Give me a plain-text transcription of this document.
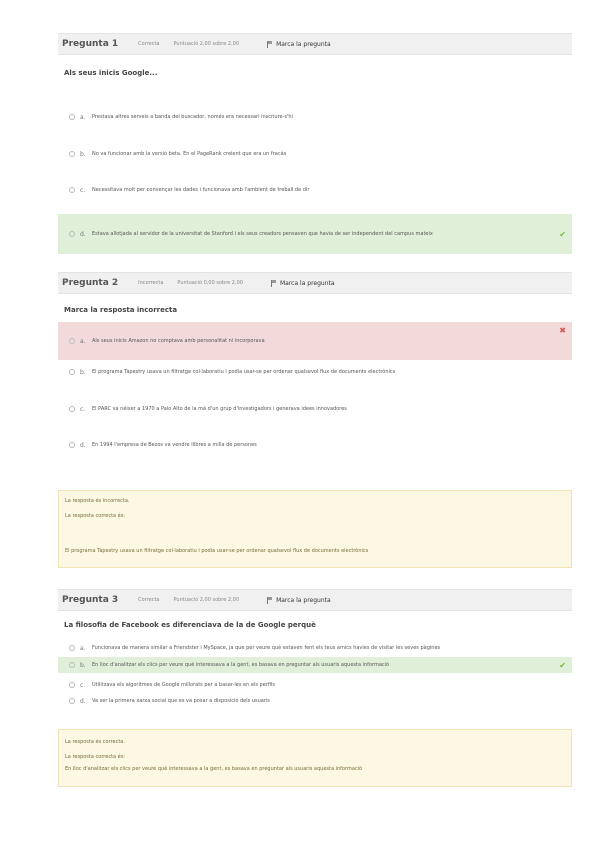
Pregunta 1	Correcta	Puntuació 2,00 sobre 2,00	Marca la pregunta
Als seus inicis Google...
a.	Prestava altres serveis a banda del buscador, només era necessari inscriure-s'hi
b.	No va funcionar amb la versió beta. En el PageRank creient que era un fracàs
c.	Necessitava molt per convençar les dades i funcionava amb l'ambient de treball de dir
d.	Estava allotjada al servidor de la universitat de Stanford i els seus creadors pensaven que havia de ser independent del campus mateix	✔
Pregunta 2	Incorrecta	Puntuació 0,00 sobre 2,00	Marca la pregunta
Marca la resposta incorrecta
a.	Als seus inicis Amazon no comptava amb personalitat ni incorporava
✖
b.	El programa Tapestry usava un filtratge col·laboratiu i podia usar-se per ordenar qualsevol flux de documents electrònics
c.	El PARC va néixer a 1970 a Palo Alto de la mà d'un grup d'investigadors i generava idees innovadores
d.	En 1994 l'empresa de Bezos va vendre llibres a milla de persones
La resposta és incorrecta.
La resposta correcta és:
El programa Tapestry usava un filtratge col·laboratiu i podia usar-se per ordenar qualsevol flux de documents electrònics
Pregunta 3	Correcta	Puntuació 2,00 sobre 2,00	Marca la pregunta
La filosofia de Facebook es diferenciava de la de Google perquè
a.	Funcionava de manera similar a Friendster i MySpace, ja que per veure què estaven fent els teus amics havies de visitar les seves pàgines
b.	En lloc d'analitzar els clics per veure què interessava a la gent, es basava en preguntar als usuaris aquesta informació	✔
c.	Utilitzava els algoritmes de Google millorats per a basar-les en els perfils
d.	Va ser la primera xarxa social que es va posar a disposició dels usuaris
La resposta és correcta.
La resposta correcta és:
En lloc d'analitzar els clics per veure què interessava a la gent, es basava en preguntar als usuaris aquesta informació
